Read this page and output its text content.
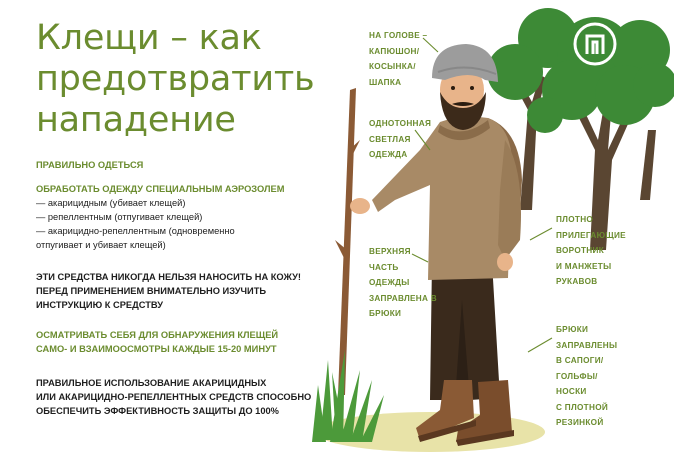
Клещи – как
предотвратить
нападение

ПРАВИЛЬНО ОДЕТЬСЯ

ОБРАБОТАТЬ ОДЕЖДУ СПЕЦИАЛЬНЫМ АЭРОЗОЛЕМ

— акарицидным (убивает клещей)
— репеллентным (отпугивает клещей)
— акарицидно-репеллентным (одновременно
отпугивает и убивает клещей)
ЭТИ СРЕДСТВА НИКОГДА НЕЛЬЗЯ НАНОСИТЬ НА КОЖУ!
ПЕРЕД ПРИМЕНЕНИЕМ ВНИМАТЕЛЬНО ИЗУЧИТЬ
ИНСТРУКЦИЮ К СРЕДСТВУ
ОСМАТРИВАТЬ СЕБЯ ДЛЯ ОБНАРУЖЕНИЯ КЛЕЩЕЙ
САМО- И ВЗАИМООСМОТРЫ КАЖДЫЕ 15-20 МИНУТ
ПРАВИЛЬНОЕ ИСПОЛЬЗОВАНИЕ АКАРИЦИДНЫХ
ИЛИ АКАРИЦИДНО-РЕПЕЛЛЕНТНЫХ СРЕДСТВ СПОСОБНО
ОБЕСПЕЧИТЬ ЭФФЕКТИВНОСТЬ ЗАЩИТЫ ДО 100%
НА ГОЛОВЕ –
КАПЮШОН/
КОСЫНКА/
ШАПКА
ОДНОТОННАЯ
СВЕТЛАЯ
ОДЕЖДА
ПЛОТНО
ПРИЛЕГАЮЩИЕ
ВОРОТНИК
И МАНЖЕТЫ
РУКАВОВ
ВЕРХНЯЯ
ЧАСТЬ
ОДЕЖДЫ
ЗАПРАВЛЕНА В
БРЮКИ
БРЮКИ
ЗАПРАВЛЕНЫ
В САПОГИ/
ГОЛЬФЫ/
НОСКИ
С ПЛОТНОЙ
РЕЗИНКОЙ
